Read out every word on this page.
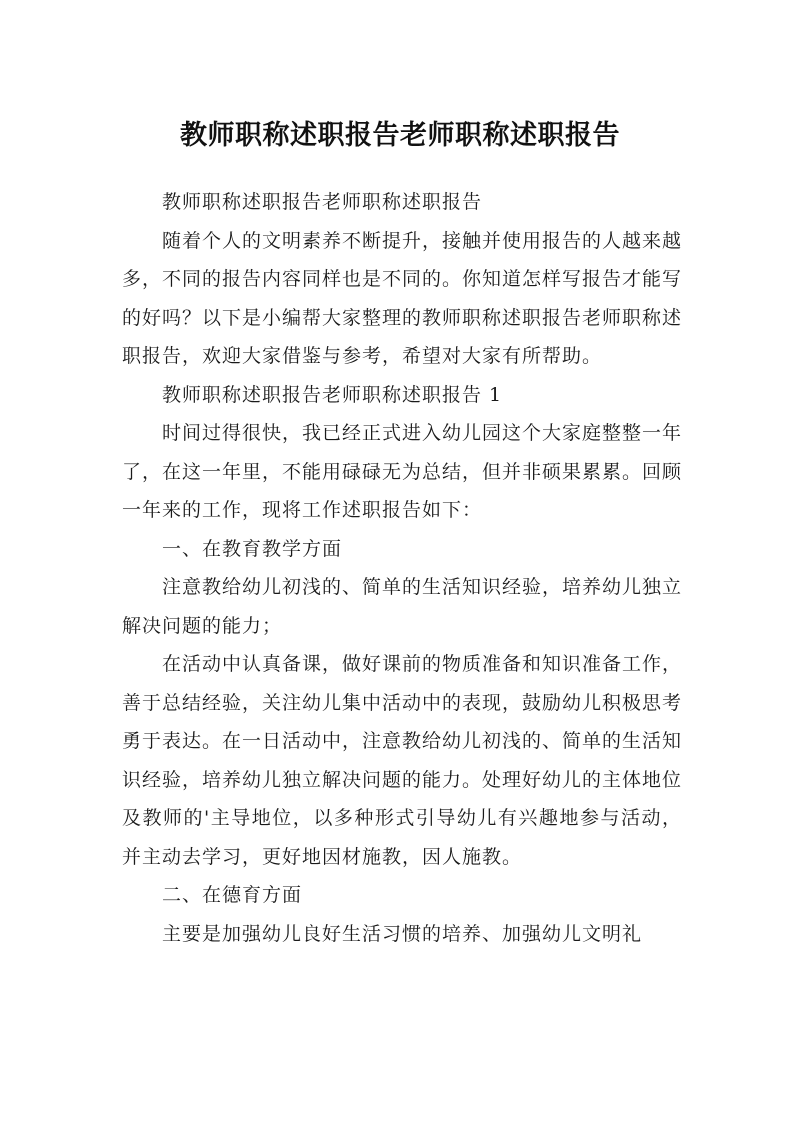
教师职称述职报告老师职称述职报告

教师职称述职报告老师职称述职报告

随着个人的文明素养不断提升，接触并使用报告的人越来越多，不同的报告内容同样也是不同的。你知道怎样写报告才能写的好吗？以下是小编帮大家整理的教师职称述职报告老师职称述职报告，欢迎大家借鉴与参考，希望对大家有所帮助。

教师职称述职报告老师职称述职报告 1

时间过得很快，我已经正式进入幼儿园这个大家庭整整一年了，在这一年里，不能用碌碌无为总结，但并非硕果累累。回顾一年来的工作，现将工作述职报告如下：

一、在教育教学方面

注意教给幼儿初浅的、简单的生活知识经验，培养幼儿独立解决问题的能力；

在活动中认真备课，做好课前的物质准备和知识准备工作，善于总结经验，关注幼儿集中活动中的表现，鼓励幼儿积极思考勇于表达。在一日活动中，注意教给幼儿初浅的、简单的生活知识经验，培养幼儿独立解决问题的能力。处理好幼儿的主体地位及教师的'主导地位，以多种形式引导幼儿有兴趣地参与活动，并主动去学习，更好地因材施教，因人施教。

二、在德育方面

主要是加强幼儿良好生活习惯的培养、加强幼儿文明礼
